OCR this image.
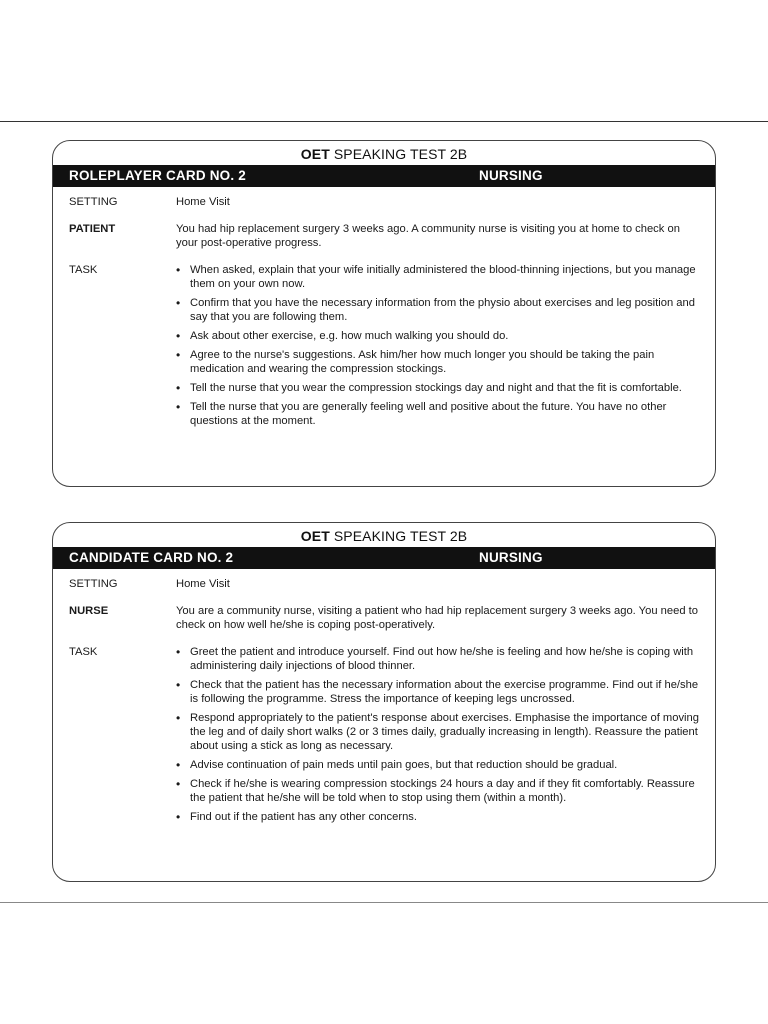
OET SPEAKING TEST 2B
ROLEPLAYER CARD NO. 2	NURSING
SETTING	Home Visit
PATIENT	You had hip replacement surgery 3 weeks ago. A community nurse is visiting you at home to check on your post-operative progress.
TASK	• When asked, explain that your wife initially administered the blood-thinning injections, but you manage them on your own now.
• Confirm that you have the necessary information from the physio about exercises and leg position and say that you are following them.
• Ask about other exercise, e.g. how much walking you should do.
• Agree to the nurse's suggestions. Ask him/her how much longer you should be taking the pain medication and wearing the compression stockings.
• Tell the nurse that you wear the compression stockings day and night and that the fit is comfortable.
• Tell the nurse that you are generally feeling well and positive about the future. You have no other questions at the moment.
OET SPEAKING TEST 2B
CANDIDATE CARD NO. 2	NURSING
SETTING	Home Visit
NURSE	You are a community nurse, visiting a patient who had hip replacement surgery 3 weeks ago. You need to check on how well he/she is coping post-operatively.
TASK	• Greet the patient and introduce yourself. Find out how he/she is feeling and how he/she is coping with administering daily injections of blood thinner.
• Check that the patient has the necessary information about the exercise programme. Find out if he/she is following the programme. Stress the importance of keeping legs uncrossed.
• Respond appropriately to the patient's response about exercises. Emphasise the importance of moving the leg and of daily short walks (2 or 3 times daily, gradually increasing in length). Reassure the patient about using a stick as long as necessary.
• Advise continuation of pain meds until pain goes, but that reduction should be gradual.
• Check if he/she is wearing compression stockings 24 hours a day and if they fit comfortably. Reassure the patient that he/she will be told when to stop using them (within a month).
• Find out if the patient has any other concerns.
